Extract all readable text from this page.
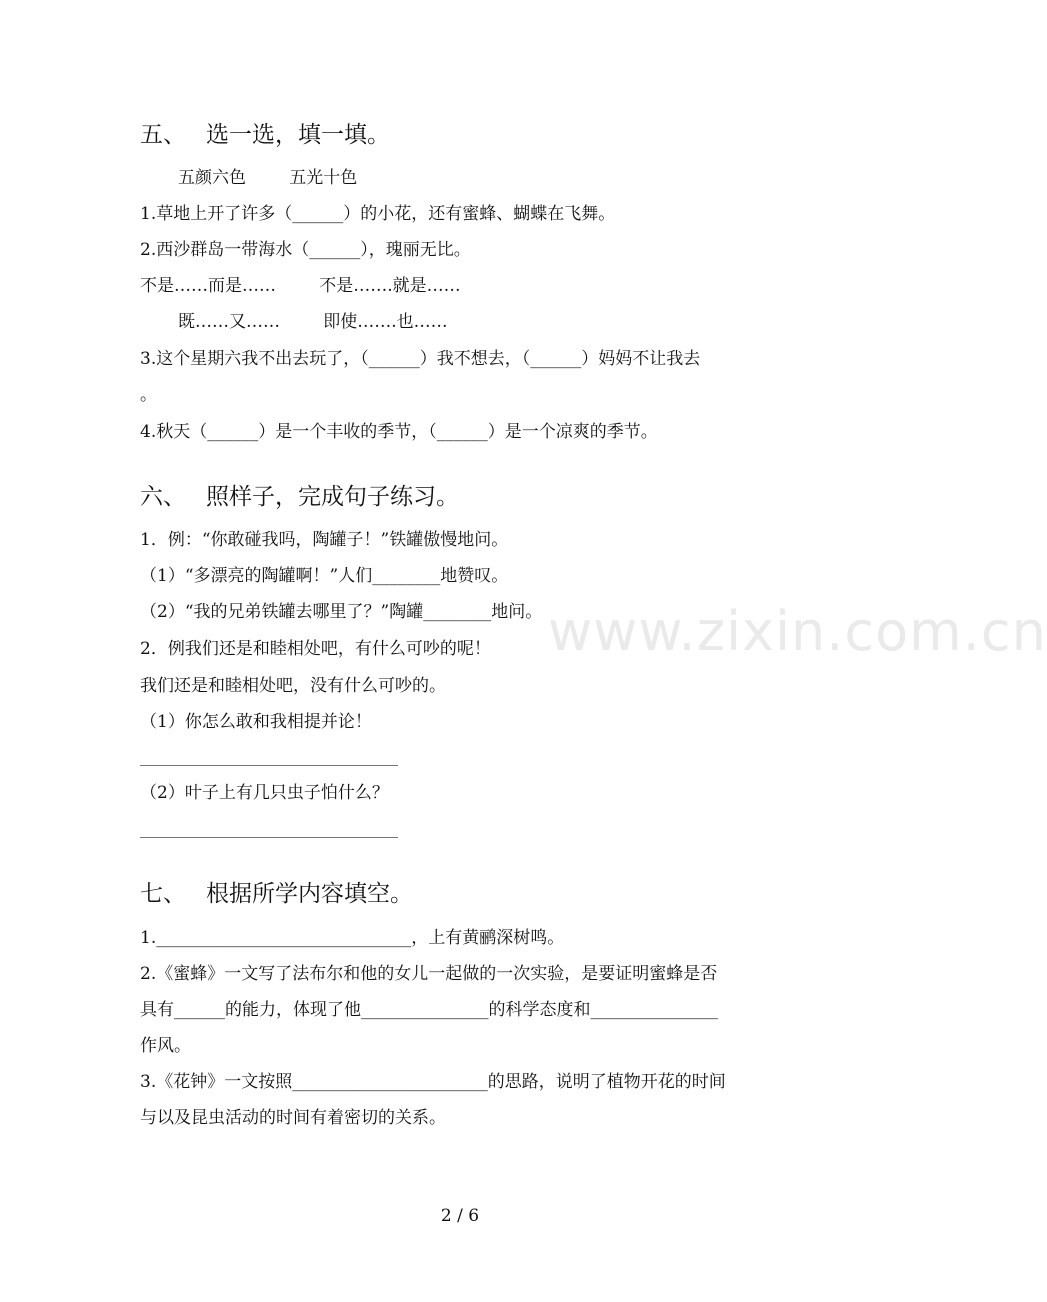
www.zixin.com.cn
五、 选一选，填一填。
五颜六色        五光十色
1.草地上开了许多（______）的小花，还有蜜蜂、蝴蝶在飞舞。
2.西沙群岛一带海水（______），瑰丽无比。
不是……而是……        不是…….就是……
既……又……        即使…….也……
3.这个星期六我不出去玩了，（______）我不想去，（______）妈妈不让我去
。
4.秋天（______）是一个丰收的季节，（______）是一个凉爽的季节。
六、 照样子，完成句子练习。
1．例：“你敢碰我吗，陶罐子！”铁罐傲慢地问。
（1）“多漂亮的陶罐啊！”人们________地赞叹。
（2）“我的兄弟铁罐去哪里了？”陶罐________地问。
2．例我们还是和睦相处吧，有什么可吵的呢！
我们还是和睦相处吧，没有什么可吵的。
（1）你怎么敢和我相提并论！
（2）叶子上有几只虫子怕什么？
七、 根据所学内容填空。
1.______________________________，上有黄鹂深树鸣。
2.《蜜蜂》一文写了法布尔和他的女儿一起做的一次实验，是要证明蜜蜂是否
具有______的能力，体现了他_______________的科学态度和_______________
作风。
3.《花钟》一文按照_______________________的思路，说明了植物开花的时间
与以及昆虫活动的时间有着密切的关系。
2 / 6
